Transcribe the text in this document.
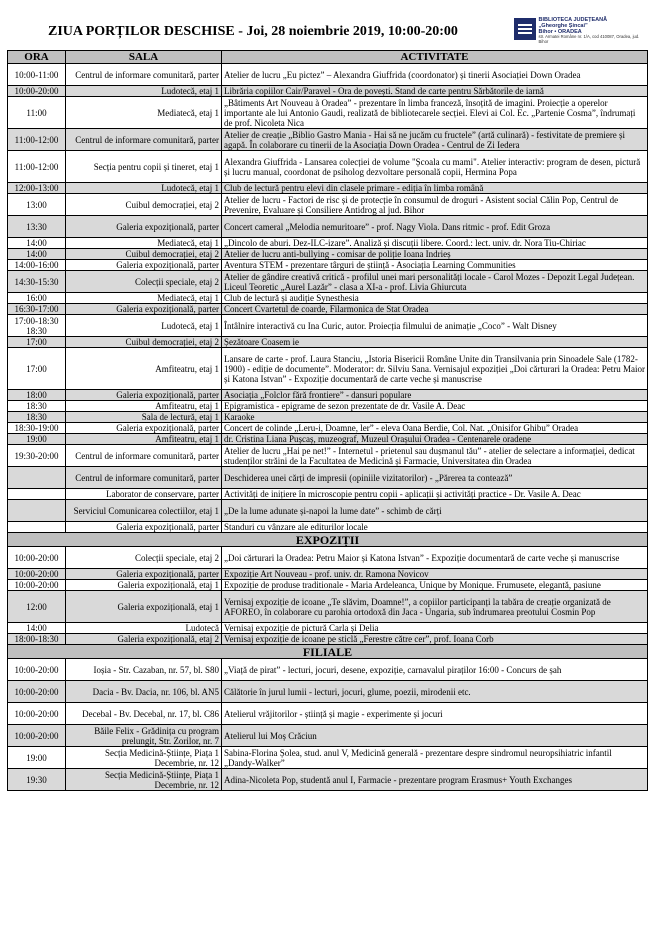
ZIUA PORȚILOR DESCHISE - Joi, 28 noiembrie 2019, 10:00-20:00
BIBLIOTECA JUDEȚEANĂ
„Gheorghe Șincai”
Bihor • ORADEA
str. Armatei Române nr. 1/A, cod 410087, Oradea, jud. Bihor
ORA	SALA	ACTIVITATE
10:00-11:00	Centrul de informare comunitară, parter	Atelier de lucru „Eu pictez” – Alexandra Giuffrida (coordonator) și tinerii Asociației Down Oradea
10:00-20:00	Ludotecă, etaj 1	Librăria copiilor Cair/Paravel - Ora de povești. Stand de carte pentru Sărbătorile de iarnă
11:00	Mediatecă, etaj 1	„Bâtiments Art Nouveau à Oradea” - prezentare în limba franceză, însoțită de imagini. Proiecție a operelor importante ale lui Antonio Gaudi, realizată de bibliotecarele secției. Elevi ai Col. Ec. „Partenie Cosma”, îndrumați de prof. Nicoleta Nica
11:00-12:00	Centrul de informare comunitară, parter	Atelier de creație „Biblio Gastro Mania - Hai să ne jucăm cu fructele” (artă culinară) - festivitate de premiere și agapă. În colaborare cu tinerii de la Asociația Down Oradea - Centrul de Zi Iedera
11:00-12:00	Secția pentru copii și tineret, etaj 1	Alexandra Giuffrida - Lansarea colecției de volume "Școala cu mami". Atelier interactiv: program de desen, pictură și lucru manual, coordonat de psiholog dezvoltare personală copii, Hermina Popa
12:00-13:00	Ludotecă, etaj 1	Club de lectură pentru elevi din clasele primare - ediția în limba română
13:00	Cuibul democrației, etaj 2	Atelier de lucru - Factori de risc și de protecție în consumul de droguri - Asistent social Călin Pop, Centrul de Prevenire, Evaluare și Consiliere Antidrog al jud. Bihor
13:30	Galeria expozițională, parter	Concert cameral „Melodia nemuritoare” - prof. Nagy Viola. Dans ritmic - prof. Edit Groza
14:00	Mediatecă, etaj 1	„Dincolo de aburi. Dez-ILC-izare”. Analiză și discuții libere. Coord.: lect. univ. dr. Nora Tiu-Chiriac
14:00	Cuibul democrației, etaj 2	Atelier de lucru anti-bullying - comisar de poliție Ioana Indrieș
14:00-16:00	Galeria expozițională, parter	Aventura STEM - prezentare târguri de știință - Asociația Learning Communities
14:30-15:30	Colecții speciale, etaj 2	Atelier de gândire creativă critică - profilul unei mari personalități locale - Carol Mozes - Depozit Legal Județean. Liceul Teoretic „Aurel Lazăr” - clasa a XI-a - prof. Livia Ghiurcuta
16:00	Mediatecă, etaj 1	Club de lectură și audiție Synesthesia
16:30-17:00	Galeria expozițională, parter	Concert Cvartetul de coarde, Filarmonica de Stat Oradea
17:00-18:30 18:30	Ludotecă, etaj 1	Întâlnire interactivă cu Ina Curic, autor. Proiecția filmului de animație „Coco” - Walt Disney
17:00	Cuibul democrației, etaj 2	Șezătoare Coasem ie
17:00	Amfiteatru, etaj 1	Lansare de carte - prof. Laura Stanciu, „Istoria Bisericii Române Unite din Transilvania prin Sinoadele Sale (1782-1900) - ediție de documente”. Moderator: dr. Silviu Sana. Vernisajul expoziției „Doi cărturari la Oradea: Petru Maior și Katona Istvan” - Expoziție documentară de carte veche și manuscrise
18:00	Galeria expozițională, parter	Asociația „Folclor fără frontiere” - dansuri populare
18:30	Amfiteatru, etaj 1	Epigramistica - epigrame de sezon prezentate de dr. Vasile A. Deac
18:30	Sala de lectură, etaj 1	Karaoke
18:30-19:00	Galeria expozițională, parter	Concert de colinde „Leru-i, Doamne, ler” - eleva Oana Berdie, Col. Nat. „Onisifor Ghibu” Oradea
19:00	Amfiteatru, etaj 1	dr. Cristina Liana Pușcaș, muzeograf, Muzeul Orașului Oradea - Centenarele oradene
19:30-20:00	Centrul de informare comunitară, parter	Atelier de lucru „Hai pe net!” - Internetul - prietenul sau dușmanul tău” - atelier de selectare a informației, dedicat studenților străini de la Facultatea de Medicină și Farmacie, Universitatea din Oradea
	Centrul de informare comunitară, parter	Deschiderea unei cărți de impresii (opiniile vizitatorilor) - „Părerea ta contează”
	Laborator de conservare, parter	Activități de inițiere în microscopie pentru copii - aplicații și activități practice - Dr. Vasile A. Deac
	Serviciul Comunicarea colectiilor, etaj 1	„De la lume adunate și-napoi la lume date” - schimb de cărți
	Galeria expozițională, parter	Standuri cu vânzare ale editurilor locale
EXPOZIȚII		
10:00-20:00	Colecții speciale, etaj 2	„Doi cărturari la Oradea: Petru Maior și Katona Istvan” - Expoziție documentară de carte veche și manuscrise
10:00-20:00	Galeria expozițională, parter	Expoziție Art Nouveau - prof. univ. dr. Ramona Novicov
10:00-20:00	Galeria expozițională, etaj 1	Expoziție de produse traditionale - Maria Ardeleanca, Unique by Monique. Frumusete, elegantă, pasiune
12:00	Galeria expozițională, etaj 1	Vernisaj expoziție de icoane „Te slăvim, Doamne!”, a copiilor participanți la tabăra de creație organizată de AFOREO, în colaborare cu parohia ortodoxă din Jaca - Ungaria, sub îndrumarea preotului Cosmin Pop
14:00	Ludotecă	Vernisaj expoziție de pictură Carla și Delia
18:00-18:30	Galeria expozițională, etaj 2	Vernisaj expoziție de icoane pe sticlă „Ferestre către cer”, prof. Ioana Corb
FILIALE		
10:00-20:00	Ioșia - Str. Cazaban, nr. 57, bl. S80	„Viață de pirat” - lecturi, jocuri, desene, expoziție, carnavalul piraților 16:00 - Concurs de șah
10:00-20:00	Dacia - Bv. Dacia, nr. 106, bl. AN5	Călătorie în jurul lumii - lecturi, jocuri, glume, poezii, mirodenii etc.
10:00-20:00	Decebal - Bv. Decebal, nr. 17, bl. C86	Atelierul vrăjitorilor - știință și magie - experimente și jocuri
10:00-20:00	Băile Felix - Grădinița cu program prelungit, Str. Zorilor, nr. 7	Atelierul lui Moș Crăciun
19:00	Secția Medicină-Științe, Piața 1 Decembrie, nr. 12	Sabina-Florina Șolea, stud. anul V, Medicină generală - prezentare despre sindromul neuropsihiatric infantil „Dandy-Walker”
19:30	Secția Medicină-Științe, Piața 1 Decembrie, nr. 12	Adina-Nicoleta Pop, studentă anul I, Farmacie - prezentare program Erasmus+ Youth Exchanges
